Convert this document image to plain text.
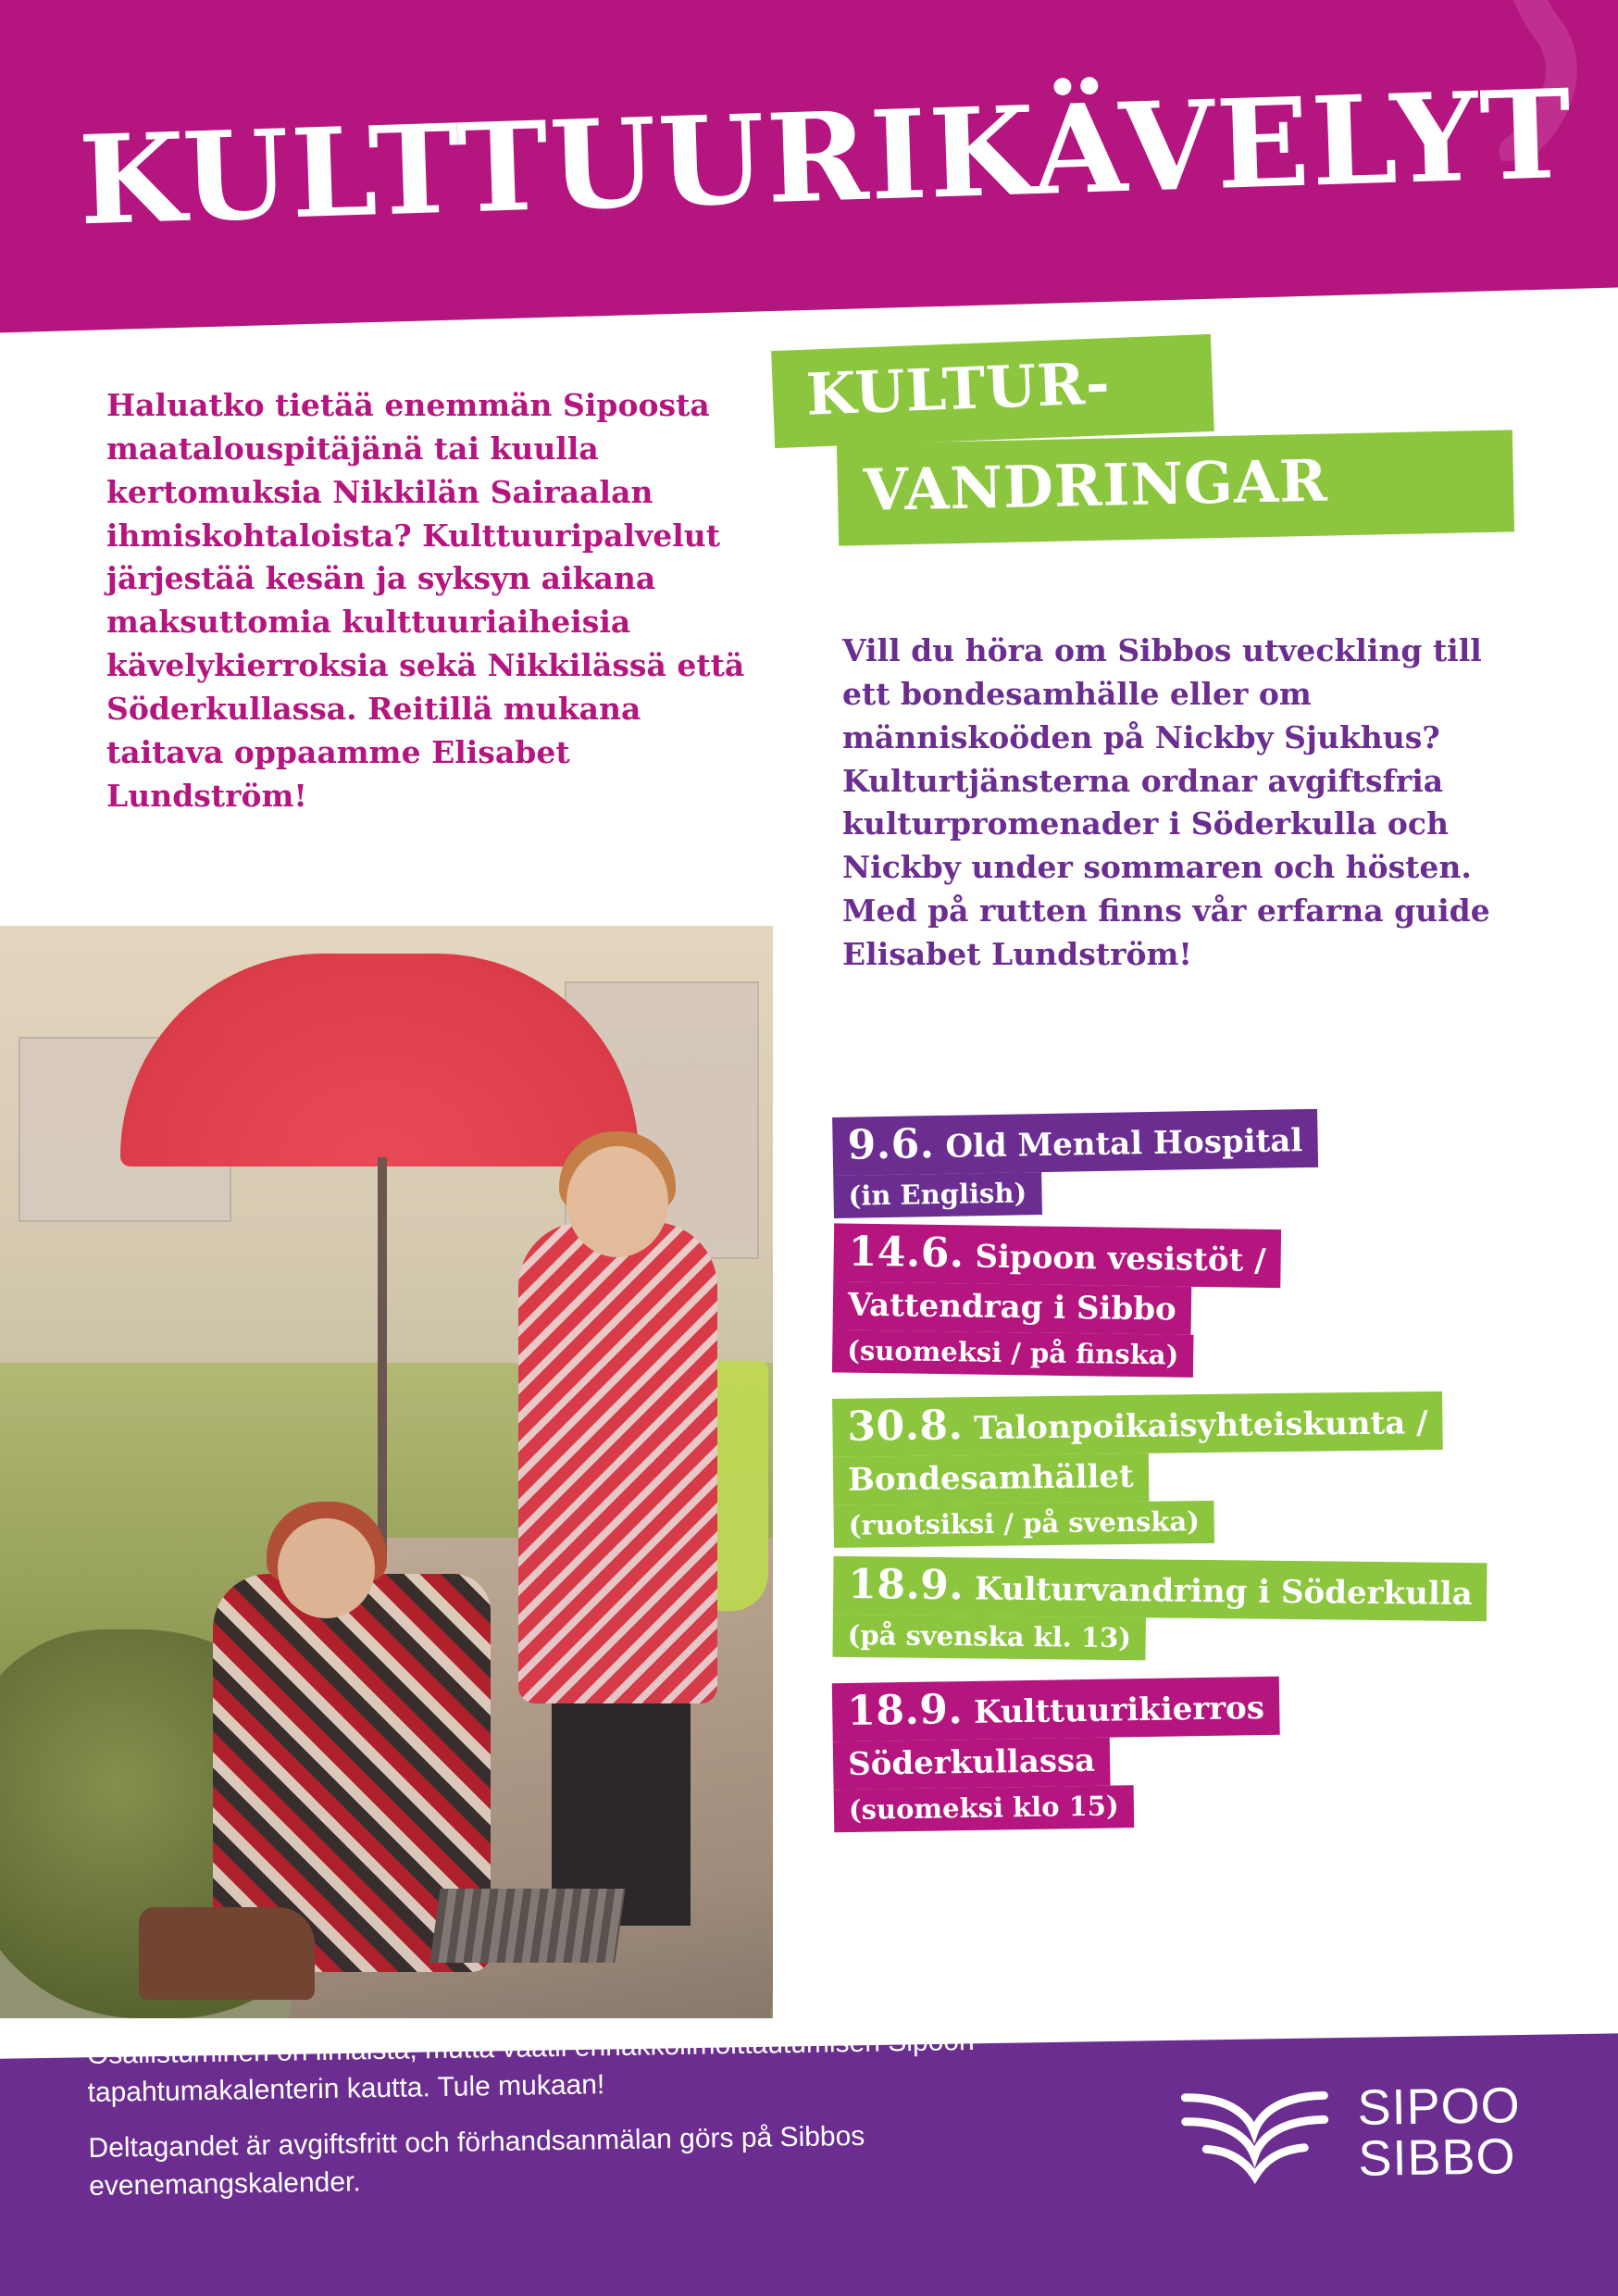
KULTTUURIKÄVELYT
Haluatko tietää enemmän Sipoosta maatalouspitäjänä tai kuulla kertomuksia Nikkilän Sairaalan ihmiskohtaloista? Kulttuuripalvelut järjestää kesän ja syksyn aikana maksuttomia kulttuuriaiheisia kävelykierroksia sekä Nikkilässä että Söderkullassa. Reitillä mukana taitava oppaamme Elisabet Lundström!
KULTUR-
VANDRINGAR
Vill du höra om Sibbos utveckling till ett bondesamhälle eller om människoöden på Nickby Sjukhus? Kulturtjänsterna ordnar avgiftsfria kulturpromenader i Söderkulla och Nickby under sommaren och hösten. Med på rutten finns vår erfarna guide Elisabet Lundström!
9.6. Old Mental Hospital
(in English)
14.6. Sipoon vesistöt /
Vattendrag i Sibbo
(suomeksi / på finska)
30.8. Talonpoikaisyhteiskunta /
Bondesamhället
(ruotsiksi / på svenska)
18.9. Kulturvandring i Söderkulla
(på svenska kl. 13)
18.9. Kulttuurikierros
Söderkullassa
(suomeksi klo 15)

Osallistuminen on ilmaista, mutta vaatii ennakkoilmoittautumisen Sipoon tapahtumakalenterin kautta. Tule mukaan!

Deltagandet är avgiftsfritt och förhandsanmälan görs på Sibbos evenemangskalender.

SIPOO
SIBBO
